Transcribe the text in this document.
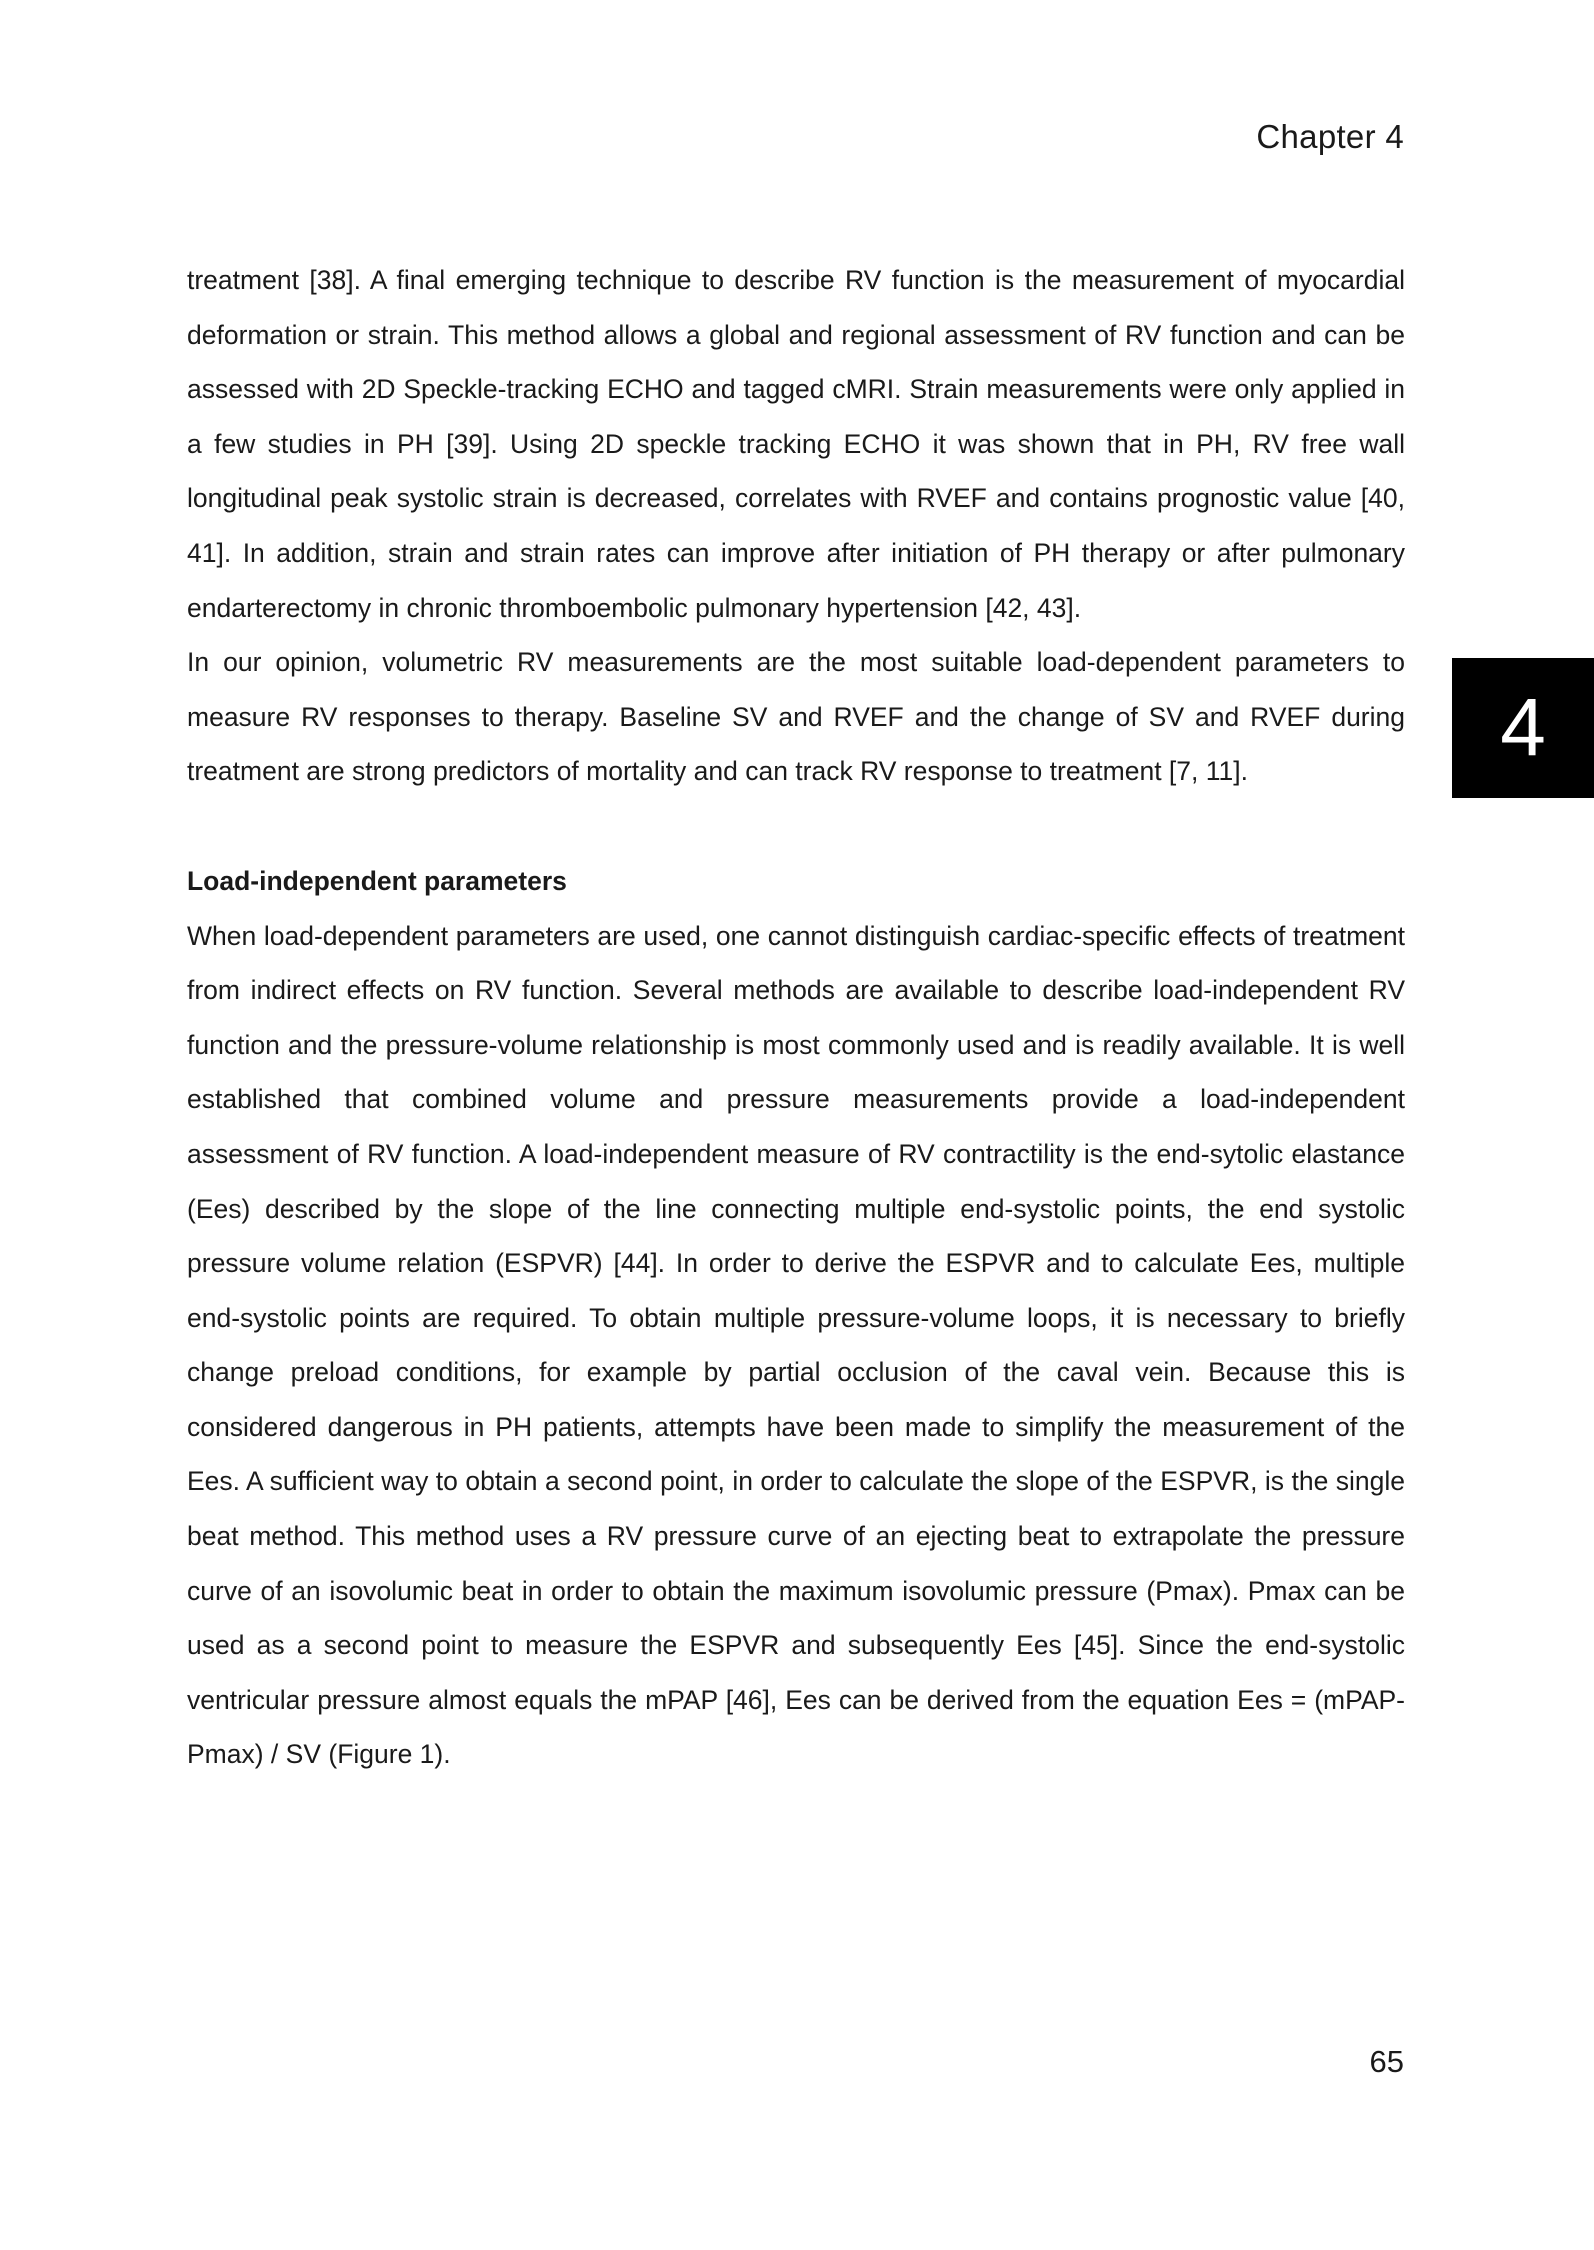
Chapter 4
4

treatment [38]. A final emerging technique to describe RV function is the measurement of myocardial deformation or strain. This method allows a global and regional assessment of RV function and can be assessed with 2D Speckle-tracking ECHO and tagged cMRI. Strain measurements were only applied in a few studies in PH [39]. Using 2D speckle tracking ECHO it was shown that in PH, RV free wall longitudinal peak systolic strain is decreased, correlates with RVEF and contains prognostic value [40, 41]. In addition, strain and strain rates can improve after initiation of PH therapy or after pulmonary endarterectomy in chronic thromboembolic pulmonary hypertension [42, 43].

In our opinion, volumetric RV measurements are the most suitable load-dependent parameters to measure RV responses to therapy. Baseline SV and RVEF and the change of SV and RVEF during treatment are strong predictors of mortality and can track RV response to treatment [7, 11].

Load-independent parameters

When load-dependent parameters are used, one cannot distinguish cardiac-specific effects of treatment from indirect effects on RV function. Several methods are available to describe load-independent RV function and the pressure-volume relationship is most commonly used and is readily available. It is well established that combined volume and pressure measurements provide a load-independent assessment of RV function. A load-independent measure of RV contractility is the end-sytolic elastance (Ees) described by the slope of the line connecting multiple end-systolic points, the end systolic pressure volume relation (ESPVR) [44]. In order to derive the ESPVR and to calculate Ees, multiple end-systolic points are required. To obtain multiple pressure-volume loops, it is necessary to briefly change preload conditions, for example by partial occlusion of the caval vein. Because this is considered dangerous in PH patients, attempts have been made to simplify the measurement of the Ees. A sufficient way to obtain a second point, in order to calculate the slope of the ESPVR, is the single beat method. This method uses a RV pressure curve of an ejecting beat to extrapolate the pressure curve of an isovolumic beat in order to obtain the maximum isovolumic pressure (Pmax). Pmax can be used as a second point to measure the ESPVR and subsequently Ees [45]. Since the end-systolic ventricular pressure almost equals the mPAP [46], Ees can be derived from the equation Ees = (mPAP-Pmax) / SV (Figure 1).

65
